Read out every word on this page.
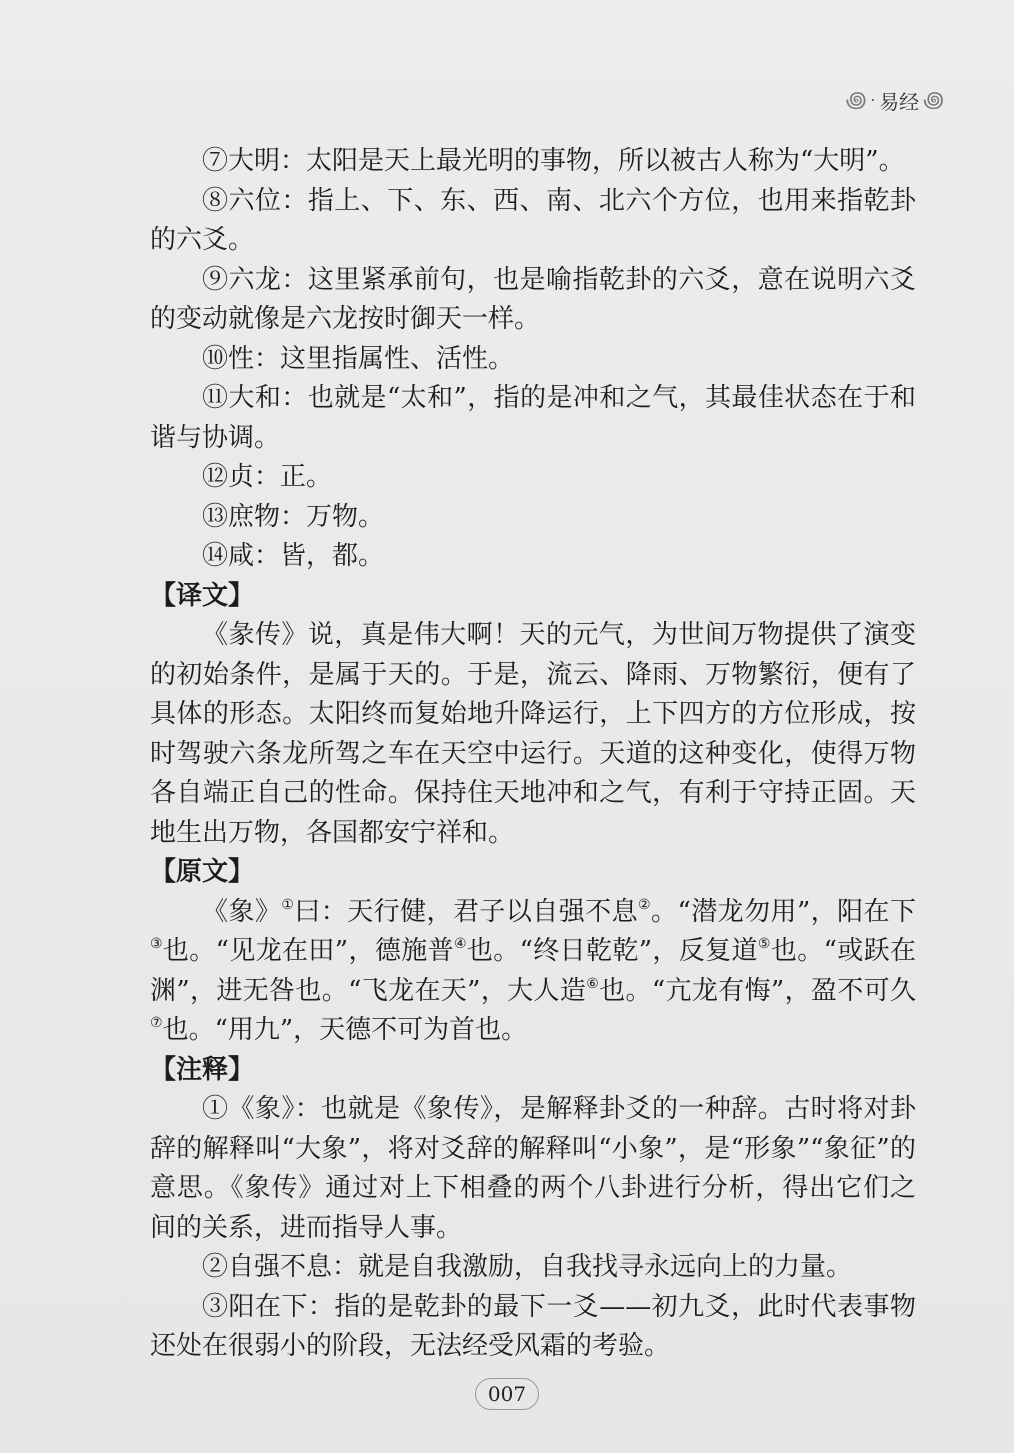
꩜ · 易经 ꩜

⑦大明：太阳是天上最光明的事物，所以被古人称为“大明”。

⑧六位：指上、下、东、西、南、北六个方位，也用来指乾卦的六爻。

⑨六龙：这里紧承前句，也是喻指乾卦的六爻，意在说明六爻的变动就像是六龙按时御天一样。

⑩性：这里指属性、活性。

⑪大和：也就是“太和”，指的是冲和之气，其最佳状态在于和谐与协调。

⑫贞：正。

⑬庶物：万物。

⑭咸：皆，都。

【译文】

《彖传》说，真是伟大啊！天的元气，为世间万物提供了演变的初始条件，是属于天的。于是，流云、降雨、万物繁衍，便有了具体的形态。太阳终而复始地升降运行，上下四方的方位形成，按时驾驶六条龙所驾之车在天空中运行。天道的这种变化，使得万物各自端正自己的性命。保持住天地冲和之气，有利于守持正固。天地生出万物，各国都安宁祥和。

【原文】

《象》①曰：天行健，君子以自强不息②。“潜龙勿用”，阳在下③也。“见龙在田”，德施普④也。“终日乾乾”，反复道⑤也。“或跃在渊”，进无咎也。“飞龙在天”，大人造⑥也。“亢龙有悔”，盈不可久⑦也。“用九”，天德不可为首也。

【注释】

①《象》：也就是《象传》，是解释卦爻的一种辞。古时将对卦辞的解释叫“大象”，将对爻辞的解释叫“小象”，是“形象”“象征”的意思。《象传》通过对上下相叠的两个八卦进行分析，得出它们之间的关系，进而指导人事。

②自强不息：就是自我激励，自我找寻永远向上的力量。

③阳在下：指的是乾卦的最下一爻——初九爻，此时代表事物还处在很弱小的阶段，无法经受风霜的考验。

007
